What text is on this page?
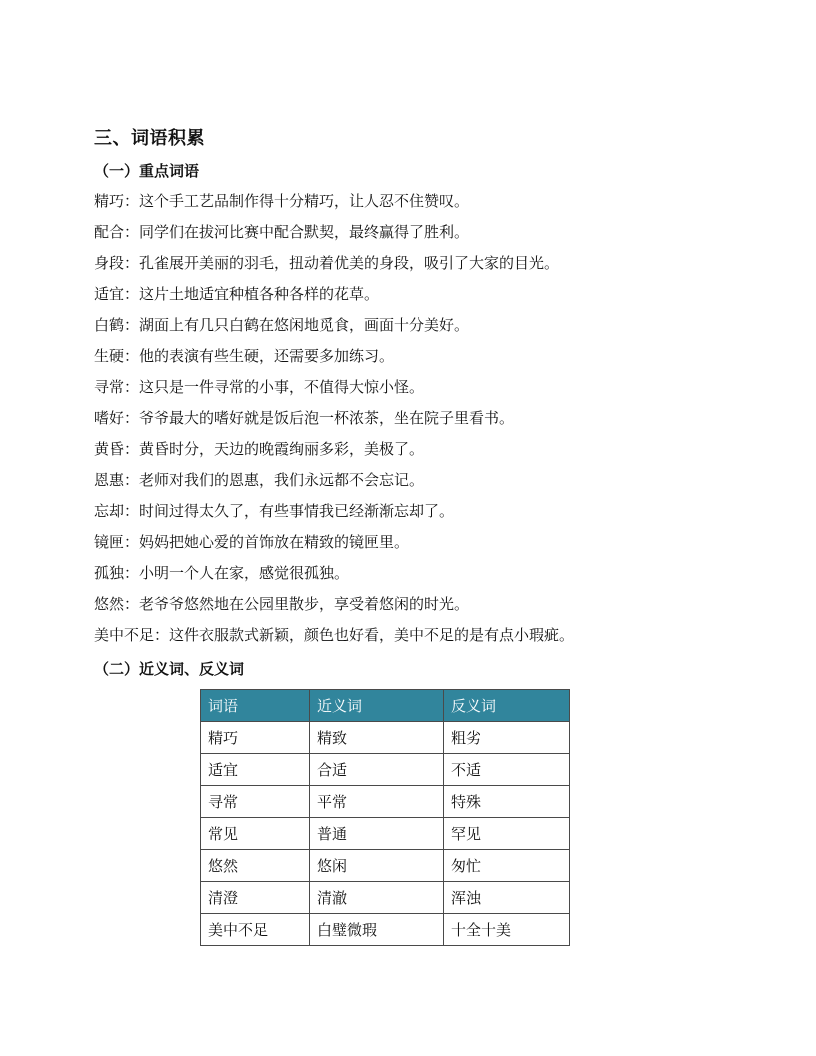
三、词语积累
（一）重点词语
精巧：这个手工艺品制作得十分精巧，让人忍不住赞叹。
配合：同学们在拔河比赛中配合默契，最终赢得了胜利。
身段：孔雀展开美丽的羽毛，扭动着优美的身段，吸引了大家的目光。
适宜：这片土地适宜种植各种各样的花草。
白鹤：湖面上有几只白鹤在悠闲地觅食，画面十分美好。
生硬：他的表演有些生硬，还需要多加练习。
寻常：这只是一件寻常的小事，不值得大惊小怪。
嗜好：爷爷最大的嗜好就是饭后泡一杯浓茶，坐在院子里看书。
黄昏：黄昏时分，天边的晚霞绚丽多彩，美极了。
恩惠：老师对我们的恩惠，我们永远都不会忘记。
忘却：时间过得太久了，有些事情我已经渐渐忘却了。
镜匣：妈妈把她心爱的首饰放在精致的镜匣里。
孤独：小明一个人在家，感觉很孤独。
悠然：老爷爷悠然地在公园里散步，享受着悠闲的时光。
美中不足：这件衣服款式新颖，颜色也好看，美中不足的是有点小瑕疵。
（二）近义词、反义词
词语	近义词	反义词
精巧	精致	粗劣
适宜	合适	不适
寻常	平常	特殊
常见	普通	罕见
悠然	悠闲	匆忙
清澄	清澈	浑浊
美中不足	白璧微瑕	十全十美
